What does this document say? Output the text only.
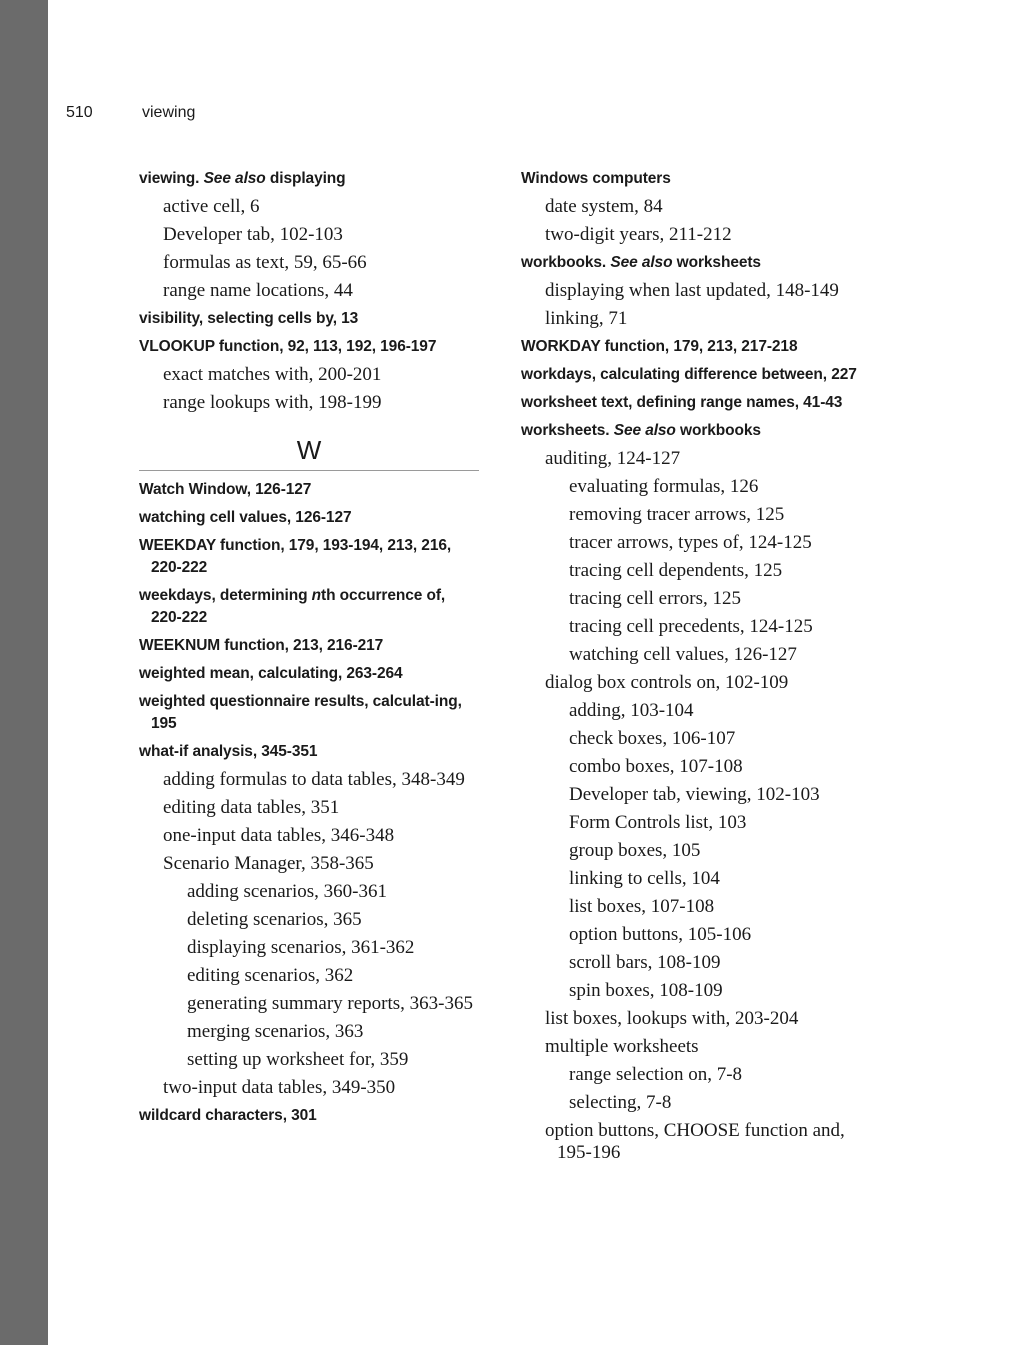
510	viewing
viewing. See also displaying
active cell, 6
Developer tab, 102-103
formulas as text, 59, 65-66
range name locations, 44
visibility, selecting cells by, 13
VLOOKUP function, 92, 113, 192, 196-197
exact matches with, 200-201
range lookups with, 198-199
W
Watch Window, 126-127
watching cell values, 126-127
WEEKDAY function, 179, 193-194, 213, 216, 220-222
weekdays, determining nth occurrence of, 220-222
WEEKNUM function, 213, 216-217
weighted mean, calculating, 263-264
weighted questionnaire results, calculat-ing, 195
what-if analysis, 345-351
adding formulas to data tables, 348-349
editing data tables, 351
one-input data tables, 346-348
Scenario Manager, 358-365
adding scenarios, 360-361
deleting scenarios, 365
displaying scenarios, 361-362
editing scenarios, 362
generating summary reports, 363-365
merging scenarios, 363
setting up worksheet for, 359
two-input data tables, 349-350
wildcard characters, 301
Windows computers
date system, 84
two-digit years, 211-212
workbooks. See also worksheets
displaying when last updated, 148-149
linking, 71
WORKDAY function, 179, 213, 217-218
workdays, calculating difference between, 227
worksheet text, defining range names, 41-43
worksheets. See also workbooks
auditing, 124-127
evaluating formulas, 126
removing tracer arrows, 125
tracer arrows, types of, 124-125
tracing cell dependents, 125
tracing cell errors, 125
tracing cell precedents, 124-125
watching cell values, 126-127
dialog box controls on, 102-109
adding, 103-104
check boxes, 106-107
combo boxes, 107-108
Developer tab, viewing, 102-103
Form Controls list, 103
group boxes, 105
linking to cells, 104
list boxes, 107-108
option buttons, 105-106
scroll bars, 108-109
spin boxes, 108-109
list boxes, lookups with, 203-204
multiple worksheets
range selection on, 7-8
selecting, 7-8
option buttons, CHOOSE function and, 195-196
